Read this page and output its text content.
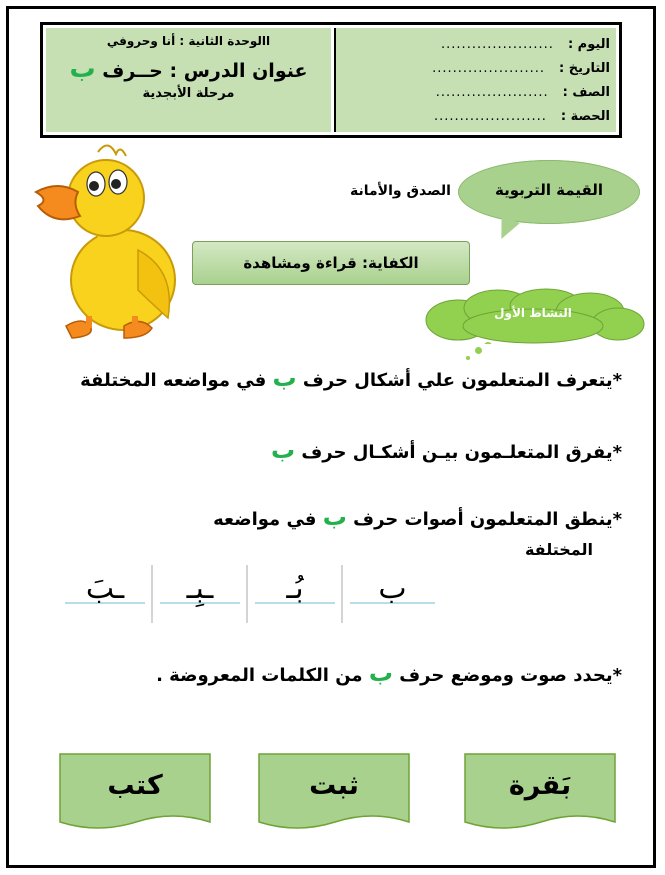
اليوم :
......................
التاريخ :
......................
الصف :
......................
الحصة :
......................
االوحدة الثانية : أنا وحروفي
عنوان الدرس : حــرف ب
مرحلة الأبجدية
القيمة التربوية
الصدق والأمانة
الكفاية: قراءة ومشاهدة
النشاط الأول
*يتعرف المتعلمون علي أشكال حرف ب في مواضعه المختلفة
*يفرق المتعلـمون بيـن أشكـال حرف ب
*ينطق المتعلمون أصوات حرف ب في مواضعه
المختلفة
ب
بُـ
ـبِـ
ـبَ
*يحدد صوت وموضع حرف ب من الكلمات المعروضة .
بَقرة
ثبت
كتب
